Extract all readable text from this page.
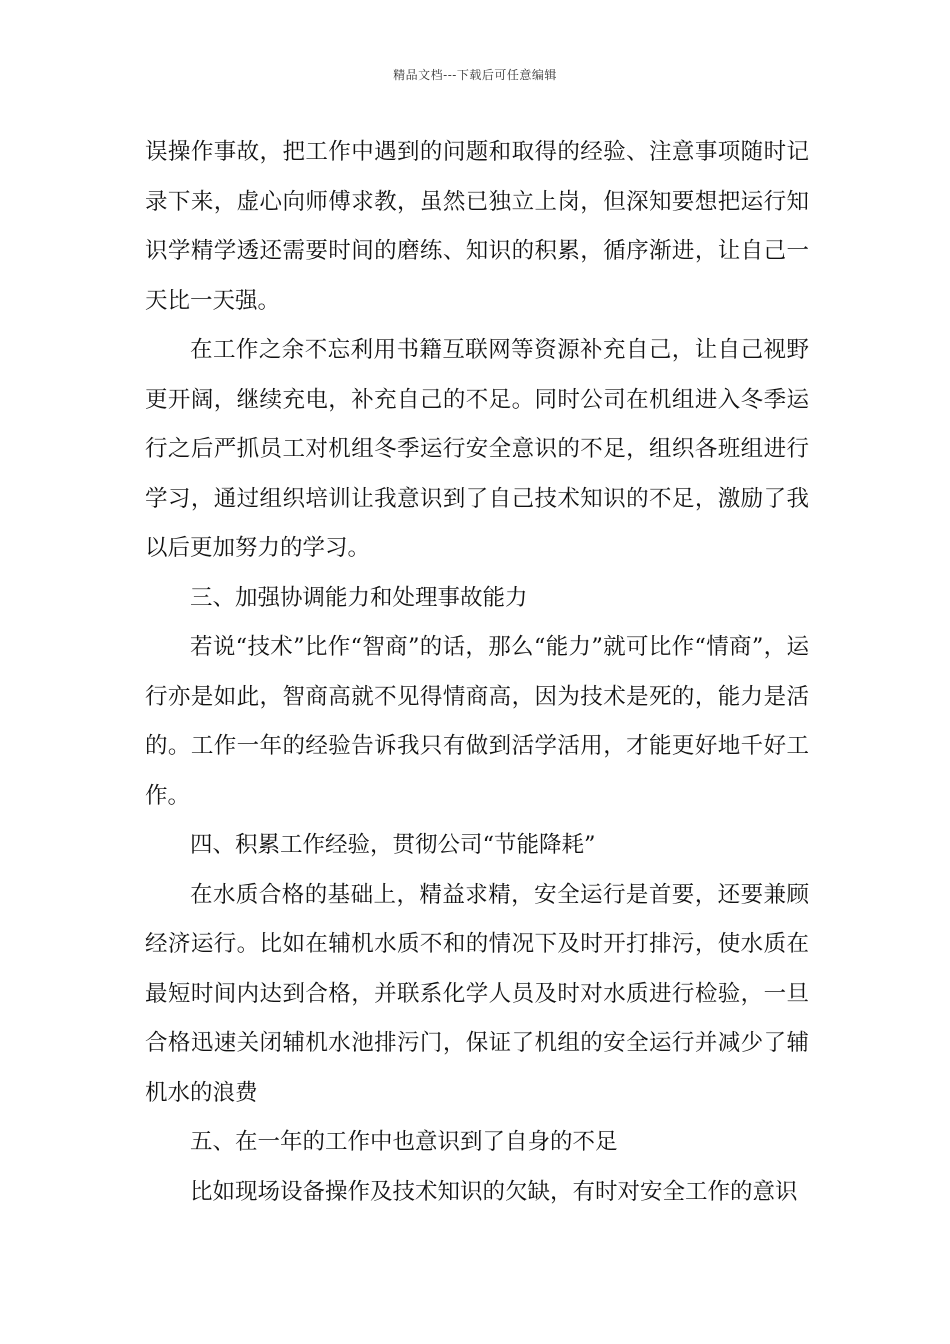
精品文档---下载后可任意编辑

误操作事故，把工作中遇到的问题和取得的经验、注意事项随时记录下来，虚心向师傅求教，虽然已独立上岗，但深知要想把运行知识学精学透还需要时间的磨练、知识的积累，循序渐进，让自己一天比一天强。

在工作之余不忘利用书籍互联网等资源补充自己，让自己视野更开阔，继续充电，补充自己的不足。同时公司在机组进入冬季运行之后严抓员工对机组冬季运行安全意识的不足，组织各班组进行学习，通过组织培训让我意识到了自己技术知识的不足，激励了我以后更加努力的学习。

三、加强协调能力和处理事故能力

若说“技术”比作“智商”的话，那么“能力”就可比作“情商”，运行亦是如此，智商高就不见得情商高，因为技术是死的，能力是活的。工作一年的经验告诉我只有做到活学活用，才能更好地千好工作。

四、积累工作经验，贯彻公司“节能降耗”

在水质合格的基础上，精益求精，安全运行是首要，还要兼顾经济运行。比如在辅机水质不和的情况下及时开打排污，使水质在最短时间内达到合格，并联系化学人员及时对水质进行检验，一旦合格迅速关闭辅机水池排污门，保证了机组的安全运行并减少了辅机水的浪费

五、在一年的工作中也意识到了自身的不足

比如现场设备操作及技术知识的欠缺，有时对安全工作的意识
